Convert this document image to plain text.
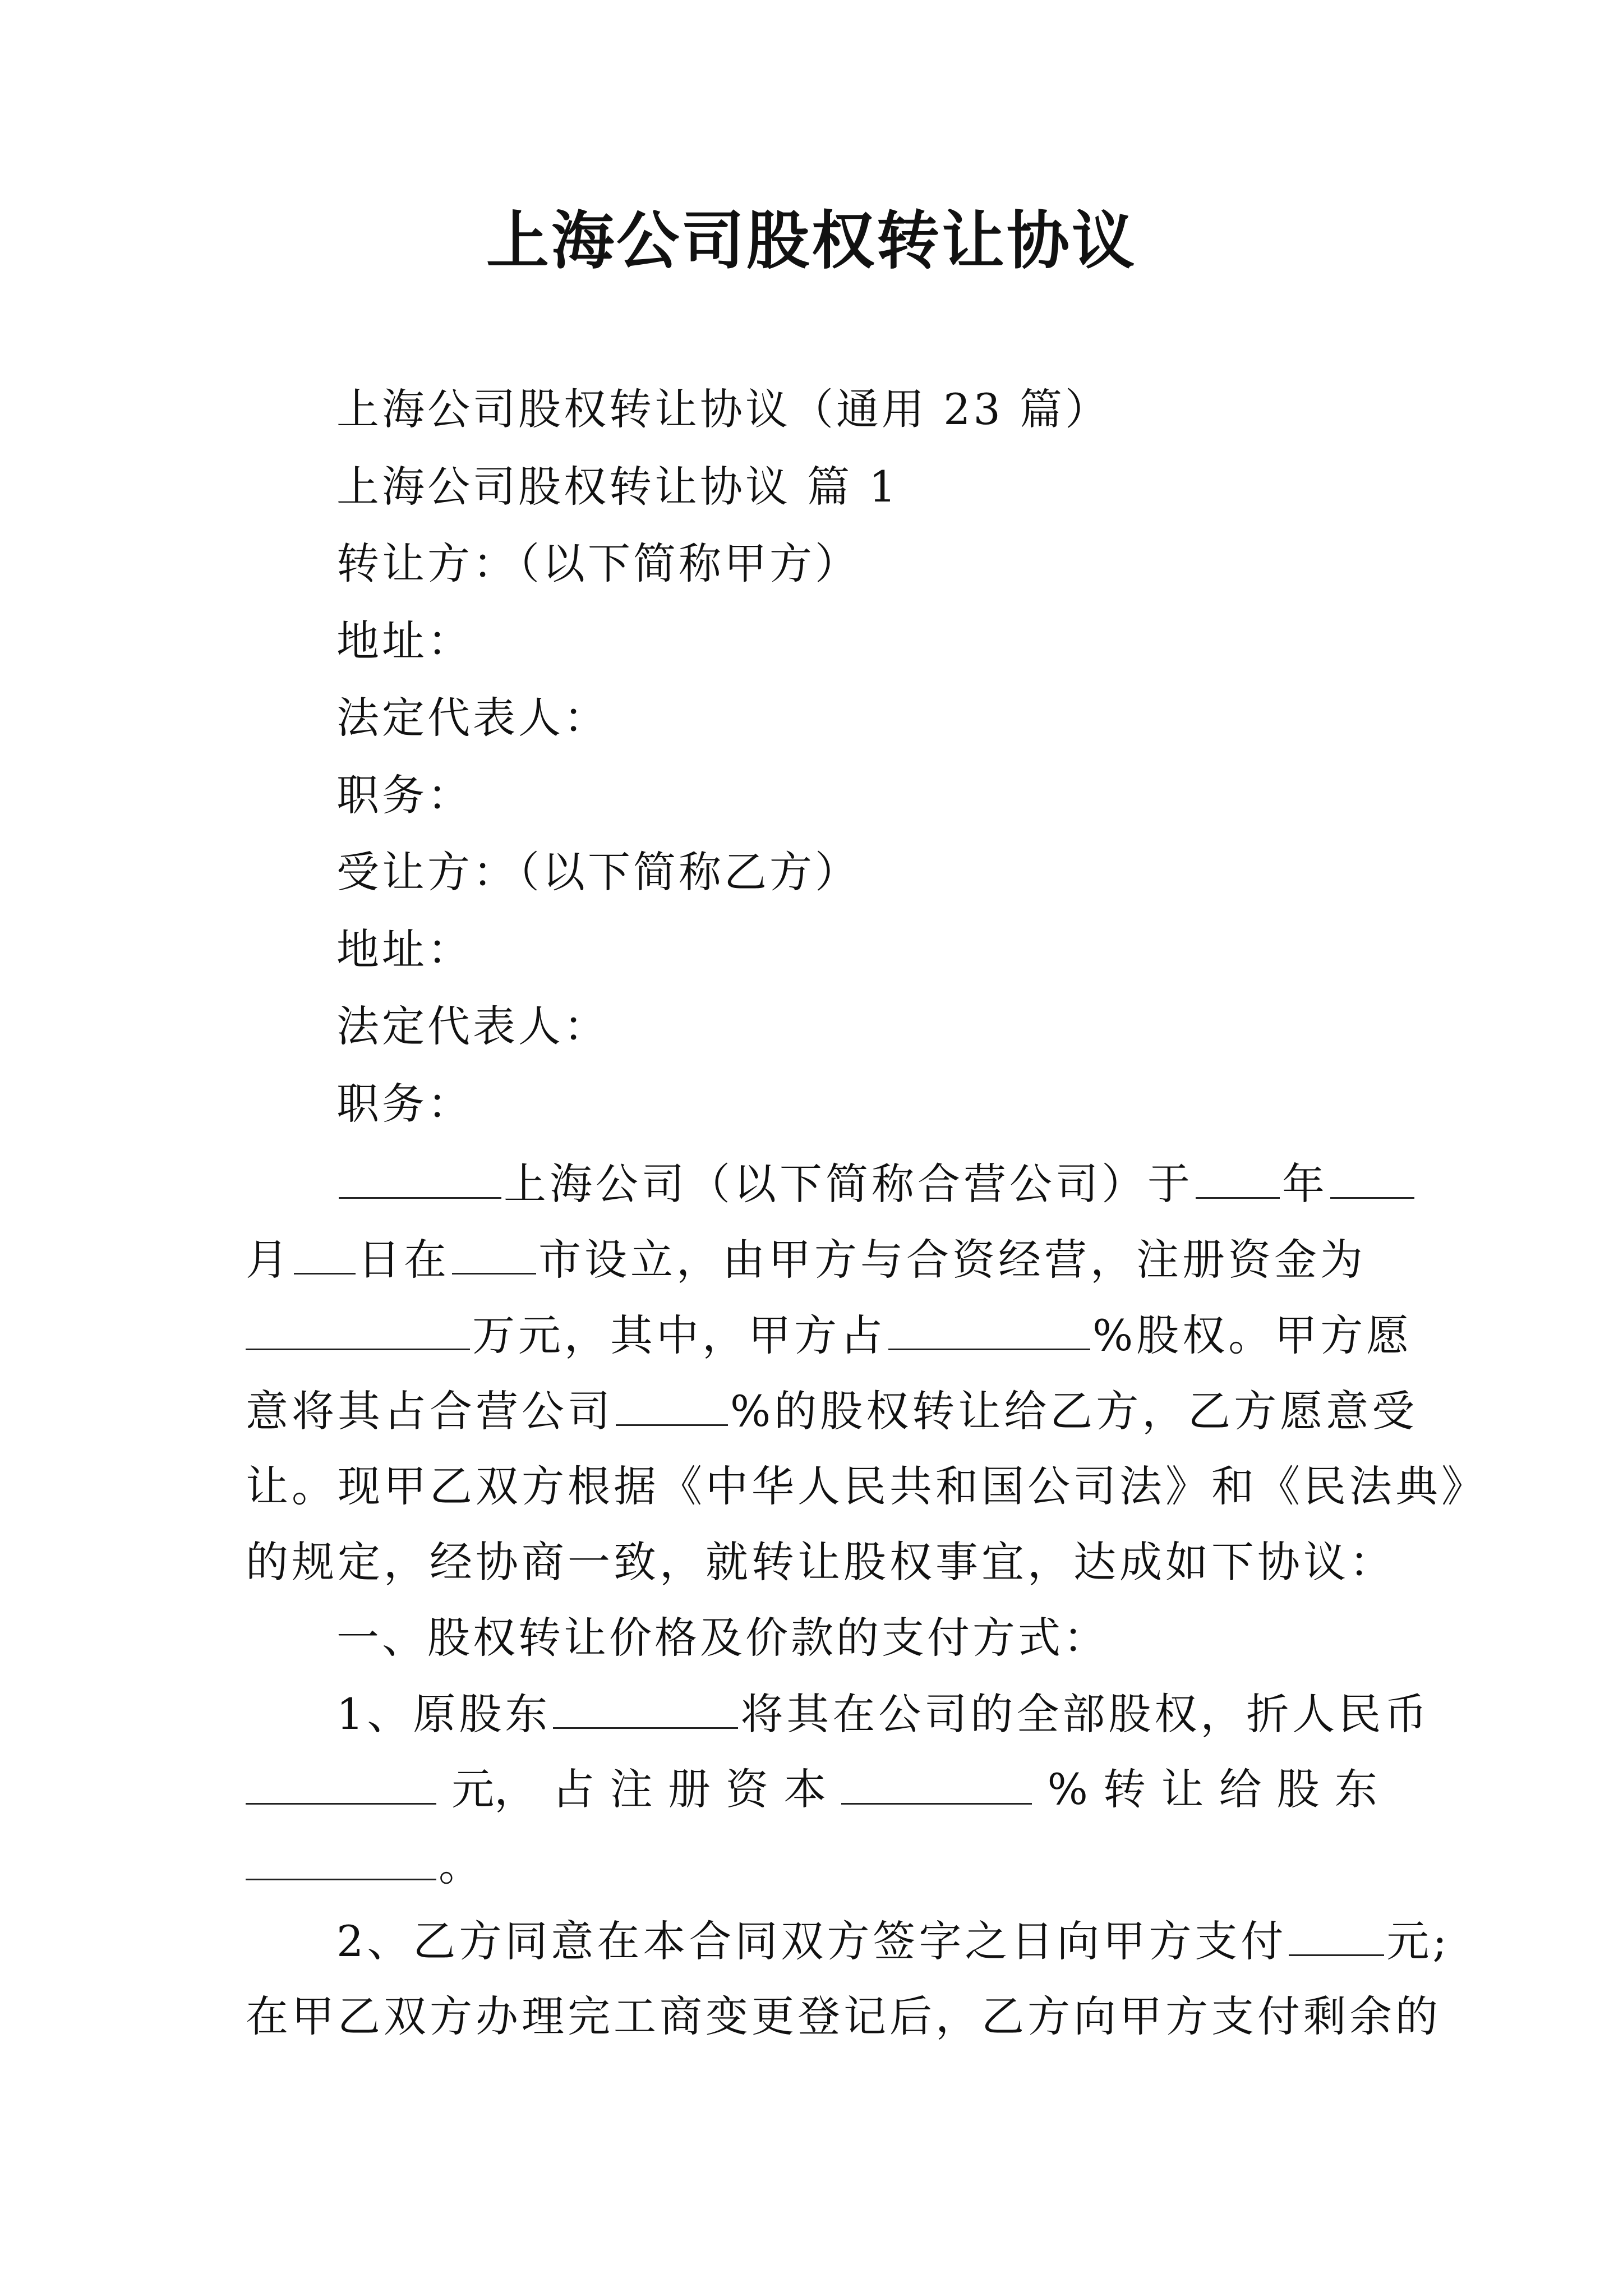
上海公司股权转让协议
上海公司股权转让协议（通用 23 篇）
上海公司股权转让协议 篇 1
转让方：（以下简称甲方）
地址：
法定代表人：
职务：
受让方：（以下简称乙方）
地址：
法定代表人：
职务：
上海公司（以下简称合营公司）于 年
月 日在 市设立，由甲方与合资经营，注册资金为
万元，其中，甲方占	%股权。甲方愿
意将其占合营公司	%的股权转让给乙方，乙方愿意受
让。现甲乙双方根据《中华人民共和国公司法》和《民法典》
的规定，经协商一致，就转让股权事宜，达成如下协议：
一、股权转让价格及价款的支付方式：
1、原股东	将其在公司的全部股权，折人民币
元， 占 注 册 资 本	% 转 让 给 股 东
。
2、乙方同意在本合同双方签字之日向甲方支付 元;
在甲乙双方办理完工商变更登记后，乙方向甲方支付剩余的
